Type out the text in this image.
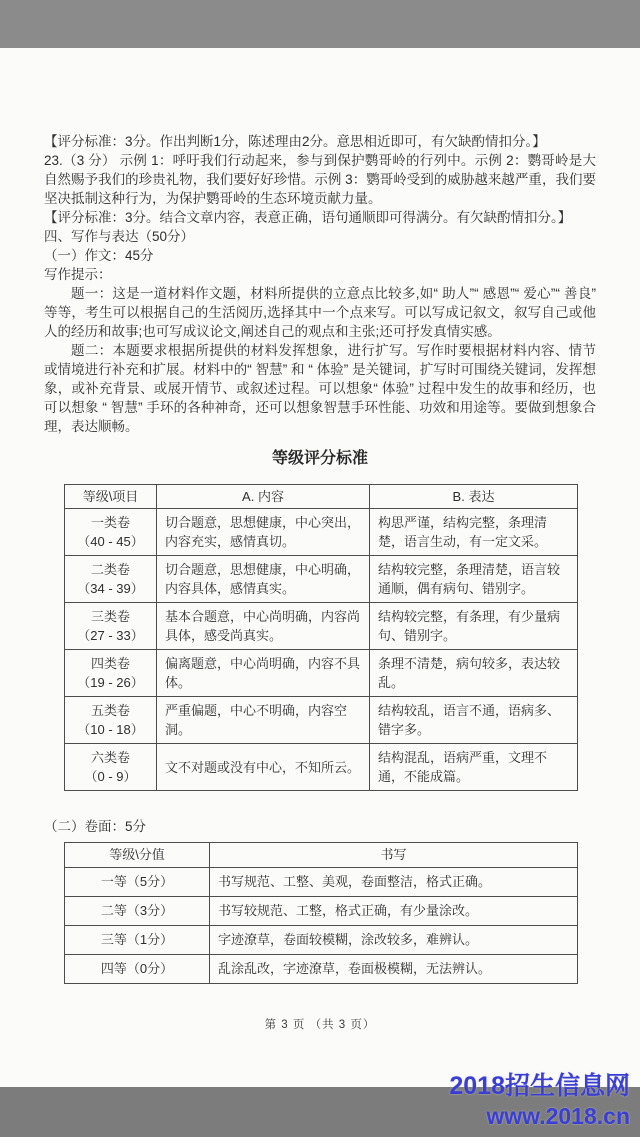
【评分标准：3分。作出判断1分，陈述理由2分。意思相近即可，有欠缺酌情扣分。】

23.（3 分） 示例 1：呼吁我们行动起来，参与到保护鹦哥岭的行列中。示例 2：鹦哥岭是大自然赐予我们的珍贵礼物，我们要好好珍惜。示例 3：鹦哥岭受到的威胁越来越严重，我们要坚决抵制这种行为，为保护鹦哥岭的生态环境贡献力量。

【评分标准：3分。结合文章内容，表意正确，语句通顺即可得满分。有欠缺酌情扣分。】

四、写作与表达（50分）

（一）作文：45分

写作提示：

题一：这是一道材料作文题，材料所提供的立意点比较多,如“ 助人”“ 感恩”“ 爱心”“ 善良” 等等，考生可以根据自己的生活阅历,选择其中一个点来写。可以写成记叙文，叙写自己或他人的经历和故事;也可写成议论文,阐述自己的观点和主张;还可抒发真情实感。

题二：本题要求根据所提供的材料发挥想象，进行扩写。写作时要根据材料内容、情节或情境进行补充和扩展。材料中的“ 智慧” 和 “ 体验” 是关键词，扩写时可围绕关键词，发挥想象，或补充背景、或展开情节、或叙述过程。可以想象“ 体验” 过程中发生的故事和经历，也可以想象 “ 智慧” 手环的各种神奇，还可以想象智慧手环性能、功效和用途等。要做到想象合理，表达顺畅。

等级评分标准
等级\项目	A. 内容	B. 表达

一类卷
（40 - 45）	切合题意，思想健康，中心突出，内容充实，感情真切。	构思严谨，结构完整，条理清楚，语言生动，有一定文采。

二类卷
（34 - 39）	切合题意，思想健康，中心明确，内容具体，感情真实。	结构较完整，条理清楚，语言较通顺，偶有病句、错别字。

三类卷
（27 - 33）	基本合题意，中心尚明确，内容尚具体，感受尚真实。	结构较完整，有条理，有少量病句、错别字。

四类卷
（19 - 26）	偏离题意，中心尚明确，内容不具体。	条理不清楚，病句较多，表达较乱。

五类卷
（10 - 18）	严重偏题，中心不明确，内容空洞。	结构较乱，语言不通，语病多、错字多。

六类卷
（0 - 9）	文不对题或没有中心，不知所云。	结构混乱，语病严重，文理不通，不能成篇。
（二）卷面：5分
等级\分值	书写
一等（5分）	书写规范、工整、美观，卷面整洁，格式正确。
二等（3分）	书写较规范、工整，格式正确，有少量涂改。
三等（1分）	字迹潦草，卷面较模糊，涂改较多，难辨认。
四等（0分）	乱涂乱改，字迹潦草，卷面极模糊，无法辨认。
第 3 页 （共 3 页）
2018招生信息网
www.2018.cn
